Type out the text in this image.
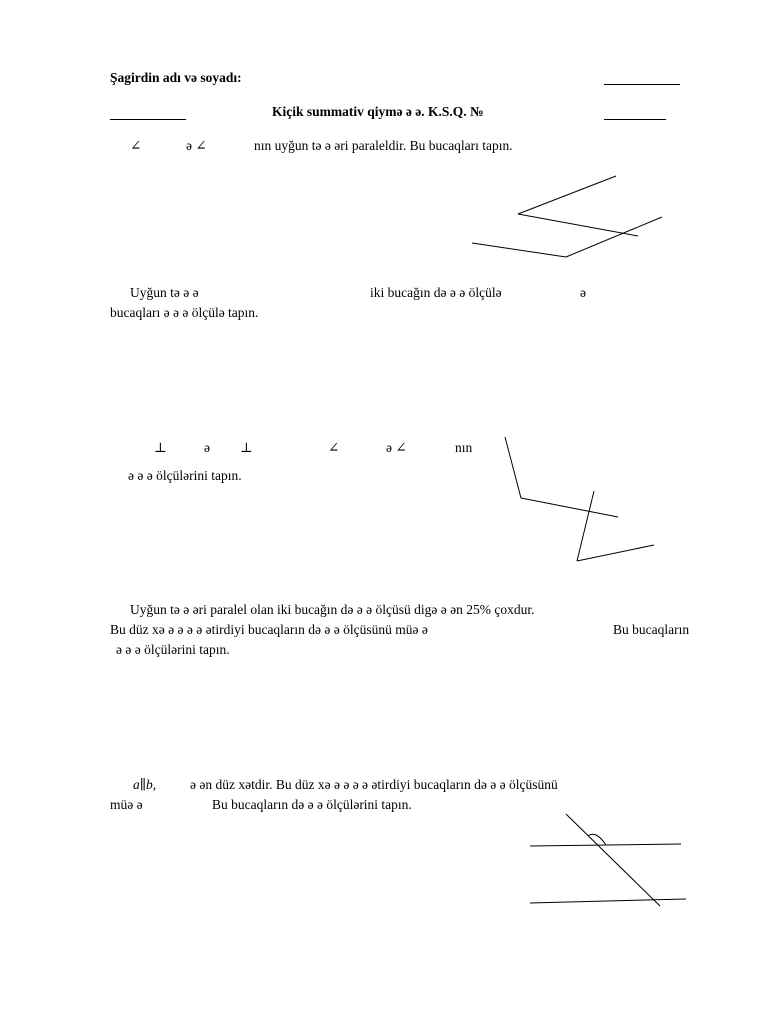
Şagirdin adı və soyadı:
Kiçik summativ qiymə ə ə. K.S.Q. №
∠	ə ∠	nın uyğun tə ə əri paraleldir. Bu bucaqları tapın.
Uyğun tə ə ə	iki bucağın də ə ə ölçülə	ə
bucaqları ə ə ə ölçülə tapın.
⊥	ə ⊥	∠	ə ∠	nın
ə ə ə ölçülərini tapın.
Uyğun tə ə əri paralel olan iki bucağın də ə ə ölçüsü digə ə ən 25% çoxdur.
Bu düz xə ə ə ə ə ətirdiyi bucaqların də ə ə ölçüsünü müə ə	Bu bucaqların
ə ə ə ölçülərini tapın.
a∥b,	ə ən düz xətdir. Bu düz xə ə ə ə ə ətirdiyi bucaqların də ə ə ölçüsünü
müə ə	Bu bucaqların də ə ə ölçülərini tapın.
